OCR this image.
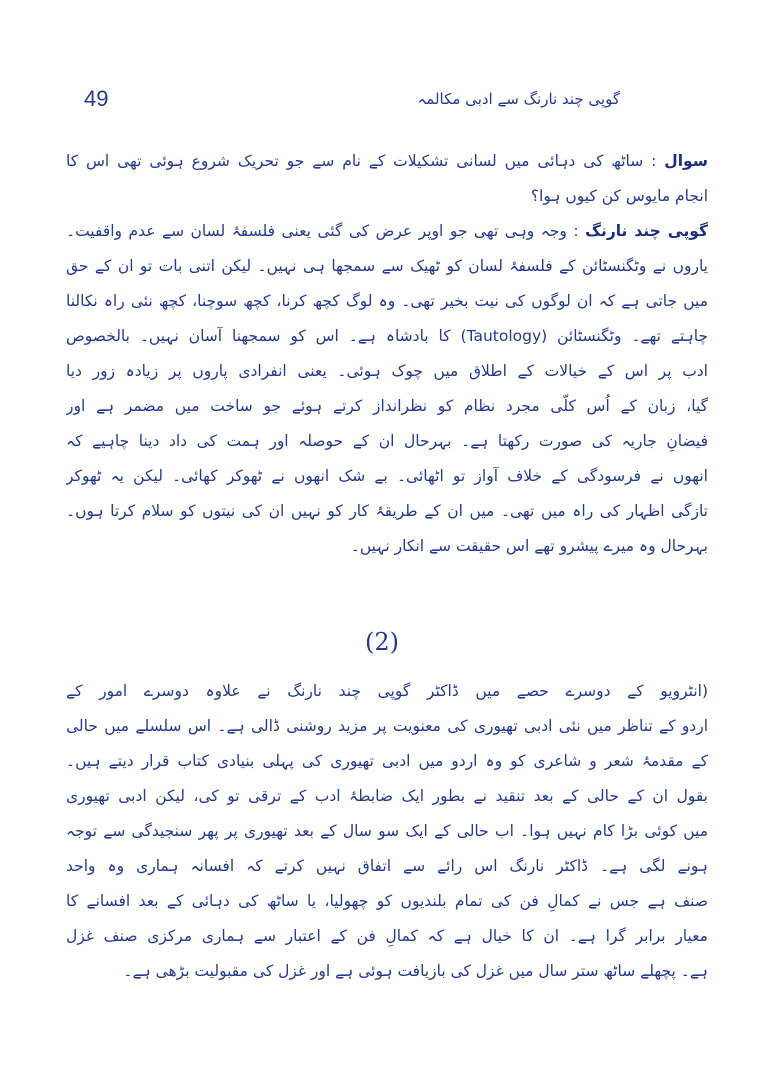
49	گوپی چند نارنگ سے ادبی مکالمہ
سوال : ساٹھ کی دہائی میں لسانی تشکیلات کے نام سے جو تحریک شروع ہوئی تھی اس کا
انجام مایوس کن کیوں ہوا؟
گوپی چند نارنگ : وجہ وہی تھی جو اوپر عرض کی گئی یعنی فلسفۂ لسان سے عدم واقفیت۔
یاروں نے وٹگنسٹائن کے فلسفۂ لسان کو ٹھیک سے سمجھا ہی نہیں۔ لیکن اتنی بات تو ان کے حق
میں جاتی ہے کہ ان لوگوں کی نیت بخیر تھی۔ وہ لوگ کچھ کرنا، کچھ سوچنا، کچھ نئی راہ نکالنا
چاہتے تھے۔ وٹگنسٹائن (Tautology) کا بادشاہ ہے۔ اس کو سمجھنا آسان نہیں۔ بالخصوص
ادب پر اس کے خیالات کے اطلاق میں چوک ہوئی۔ یعنی انفرادی پاروں پر زیادہ زور دیا
گیا، زبان کے اُس کلّی مجرد نظام کو نظرانداز کرتے ہوئے جو ساخت میں مضمر ہے اور
فیضانِ جاریہ کی صورت رکھتا ہے۔ بہرحال ان کے حوصلہ اور ہمت کی داد دینا چاہیے کہ
انھوں نے فرسودگی کے خلاف آواز تو اٹھائی۔ بے شک انھوں نے ٹھوکر کھائی۔ لیکن یہ ٹھوکر
تازگی اظہار کی راہ میں تھی۔ میں ان کے طریقۂ کار کو نہیں ان کی نیتوں کو سلام کرتا ہوں۔
بہرحال وہ میرے پیشرو تھے اس حقیقت سے انکار نہیں۔
(2)
(انٹرویو کے دوسرے حصے میں ڈاکٹر گوپی چند نارنگ نے علاوہ دوسرے امور کے
اردو کے تناظر میں نئی ادبی تھیوری کی معنویت پر مزید روشنی ڈالی ہے۔ اس سلسلے میں حالی
کے مقدمۂ شعر و شاعری کو وہ اردو میں ادبی تھیوری کی پہلی بنیادی کتاب قرار دیتے ہیں۔
بقول ان کے حالی کے بعد تنقید نے بطور ایک ضابطۂ ادب کے ترقی تو کی، لیکن ادبی تھیوری
میں کوئی بڑا کام نہیں ہوا۔ اب حالی کے ایک سو سال کے بعد تھیوری پر پھر سنجیدگی سے توجہ
ہونے لگی ہے۔ ڈاکٹر نارنگ اس رائے سے اتفاق نہیں کرتے کہ افسانہ ہماری وہ واحد
صنف ہے جس نے کمالِ فن کی تمام بلندیوں کو چھولیا، یا ساٹھ کی دہائی کے بعد افسانے کا
معیار برابر گرا ہے۔ ان کا خیال ہے کہ کمالِ فن کے اعتبار سے ہماری مرکزی صنف غزل
ہے۔ پچھلے ساٹھ ستر سال میں غزل کی بازیافت ہوئی ہے اور غزل کی مقبولیت بڑھی ہے۔
